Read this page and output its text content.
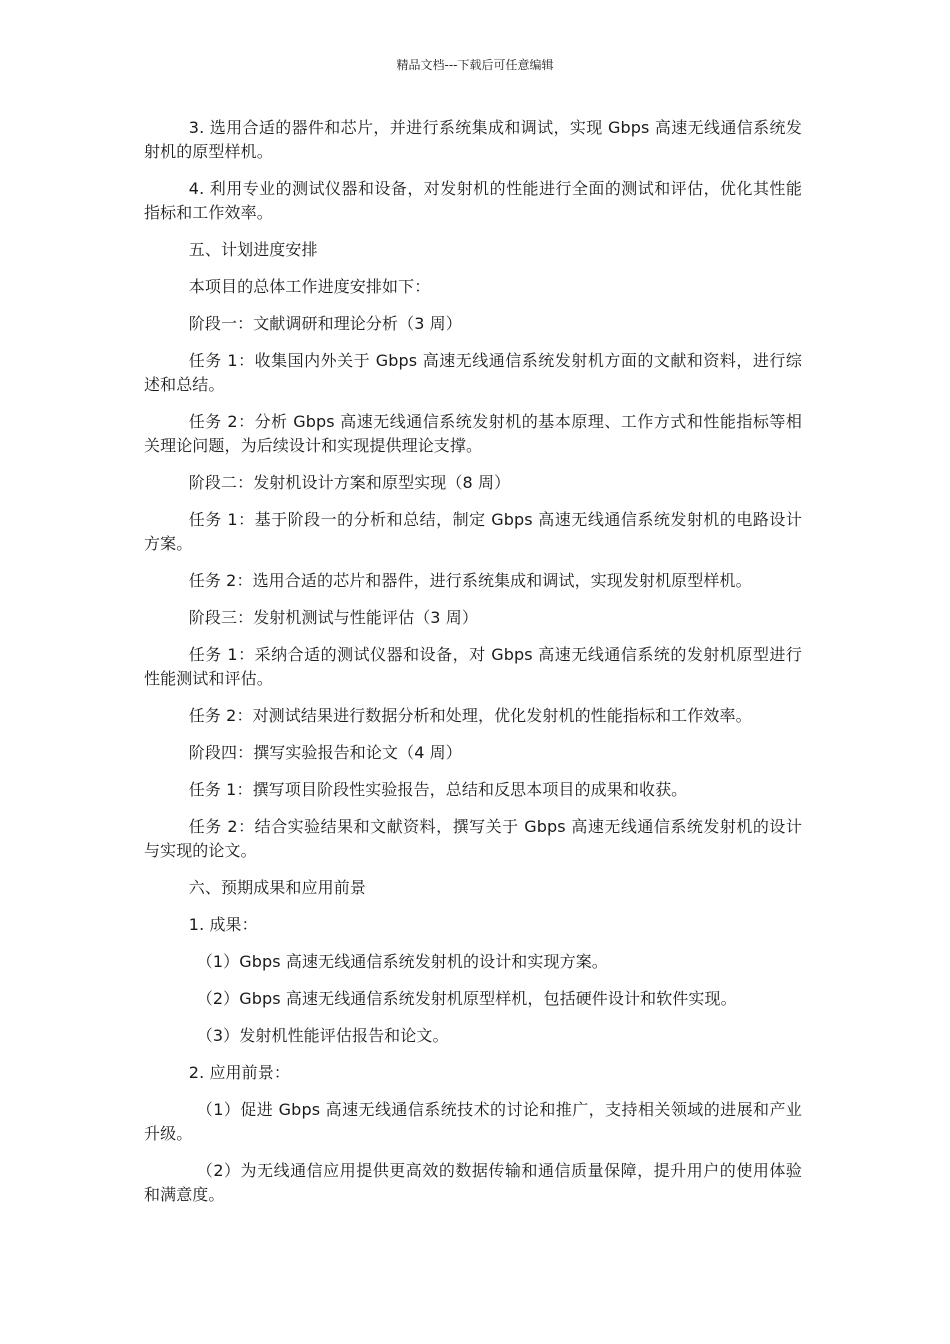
精品文档---下载后可任意编辑

3. 选用合适的器件和芯片，并进行系统集成和调试，实现 Gbps 高速无线通信系统发射机的原型样机。

4. 利用专业的测试仪器和设备，对发射机的性能进行全面的测试和评估，优化其性能指标和工作效率。

五、计划进度安排

本项目的总体工作进度安排如下：

阶段一：文献调研和理论分析（3 周）

任务 1：收集国内外关于 Gbps 高速无线通信系统发射机方面的文献和资料，进行综述和总结。

任务 2：分析 Gbps 高速无线通信系统发射机的基本原理、工作方式和性能指标等相关理论问题，为后续设计和实现提供理论支撑。

阶段二：发射机设计方案和原型实现（8 周）

任务 1：基于阶段一的分析和总结，制定 Gbps 高速无线通信系统发射机的电路设计方案。

任务 2：选用合适的芯片和器件，进行系统集成和调试，实现发射机原型样机。

阶段三：发射机测试与性能评估（3 周）

任务 1：采纳合适的测试仪器和设备，对 Gbps 高速无线通信系统的发射机原型进行性能测试和评估。

任务 2：对测试结果进行数据分析和处理，优化发射机的性能指标和工作效率。

阶段四：撰写实验报告和论文（4 周）

任务 1：撰写项目阶段性实验报告，总结和反思本项目的成果和收获。

任务 2：结合实验结果和文献资料，撰写关于 Gbps 高速无线通信系统发射机的设计与实现的论文。

六、预期成果和应用前景

1. 成果：

（1）Gbps 高速无线通信系统发射机的设计和实现方案。

（2）Gbps 高速无线通信系统发射机原型样机，包括硬件设计和软件实现。

（3）发射机性能评估报告和论文。

2. 应用前景：

（1）促进 Gbps 高速无线通信系统技术的讨论和推广，支持相关领域的进展和产业升级。

（2）为无线通信应用提供更高效的数据传输和通信质量保障，提升用户的使用体验和满意度。
